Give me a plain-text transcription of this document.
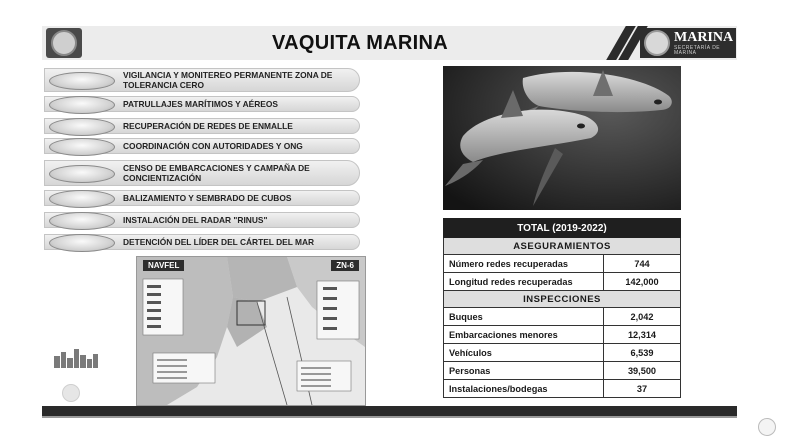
VAQUITA MARINA	MARINA
SECRETARÍA DE MARINA
VIGILANCIA Y MONITEREO PERMANENTE ZONA DE TOLERANCIA CERO
PATRULLAJES MARÍTIMOS Y AÉREOS
RECUPERACIÓN DE REDES DE ENMALLE
COORDINACIÓN CON AUTORIDADES Y ONG
CENSO DE EMBARCACIONES Y CAMPAÑA DE CONCIENTIZACIÓN
BALIZAMIENTO Y SEMBRADO DE CUBOS
INSTALACIÓN DEL RADAR "RINUS"
DETENCIÓN DEL LÍDER DEL CÁRTEL DEL MAR
NAVFEL	ZN-6
TOTAL (2019-2022)
ASEGURAMIENTOS
Número redes recuperadas	744
Longitud redes recuperadas	142,000
INSPECCIONES
Buques	2,042
Embarcaciones menores	12,314
Vehículos	6,539
Personas	39,500
Instalaciones/bodegas	37
